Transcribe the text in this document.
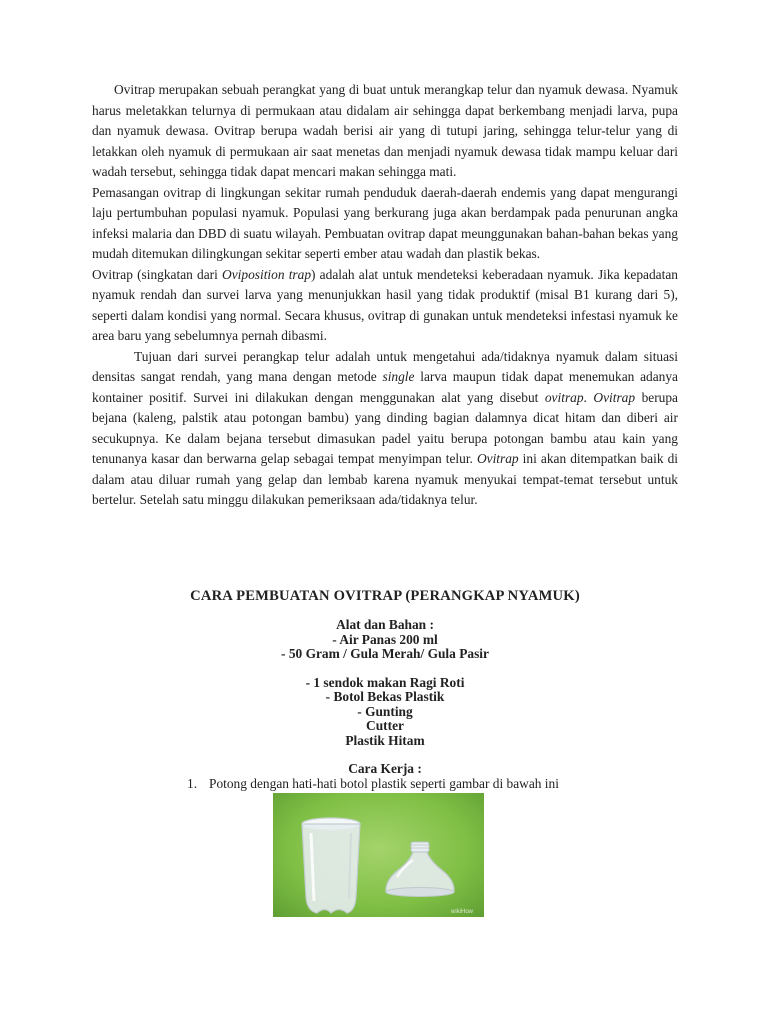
Ovitrap merupakan sebuah perangkat yang di buat untuk merangkap telur dan nyamuk dewasa. Nyamuk harus meletakkan telurnya di permukaan atau didalam air sehingga dapat berkembang menjadi larva, pupa dan nyamuk dewasa. Ovitrap berupa wadah berisi air yang di tutupi jaring, sehingga telur-telur yang di letakkan oleh nyamuk di permukaan air saat menetas dan menjadi nyamuk dewasa tidak mampu keluar dari wadah tersebut, sehingga tidak dapat mencari makan sehingga mati.

Pemasangan ovitrap di lingkungan sekitar rumah penduduk daerah-daerah endemis yang dapat mengurangi laju pertumbuhan populasi nyamuk. Populasi yang berkurang juga akan berdampak pada penurunan angka infeksi malaria dan DBD di suatu wilayah. Pembuatan ovitrap dapat meunggunakan bahan-bahan bekas yang mudah ditemukan dilingkungan sekitar seperti ember atau wadah dan plastik bekas.

Ovitrap (singkatan dari Oviposition trap) adalah alat untuk mendeteksi keberadaan nyamuk. Jika kepadatan nyamuk rendah dan survei larva yang menunjukkan hasil yang tidak produktif (misal B1 kurang dari 5), seperti dalam kondisi yang normal. Secara khusus, ovitrap di gunakan untuk mendeteksi infestasi nyamuk ke area baru yang sebelumnya pernah dibasmi.

Tujuan dari survei perangkap telur adalah untuk mengetahui ada/tidaknya nyamuk dalam situasi densitas sangat rendah, yang mana dengan metode single larva maupun tidak dapat menemukan adanya kontainer positif. Survei ini dilakukan dengan menggunakan alat yang disebut ovitrap. Ovitrap berupa bejana (kaleng, palstik atau potongan bambu) yang dinding bagian dalamnya dicat hitam dan diberi air secukupnya. Ke dalam bejana tersebut dimasukan padel yaitu berupa potongan bambu atau kain yang tenunanya kasar dan berwarna gelap sebagai tempat menyimpan telur. Ovitrap ini akan ditempatkan baik di dalam atau diluar rumah yang gelap dan lembab karena nyamuk menyukai tempat-temat tersebut untuk bertelur. Setelah satu minggu dilakukan pemeriksaan ada/tidaknya telur.

CARA PEMBUATAN OVITRAP (PERANGKAP NYAMUK)
Alat dan Bahan :
- Air Panas 200 ml
- 50 Gram / Gula Merah/ Gula Pasir
- 1 sendok makan Ragi Roti
- Botol Bekas Plastik
- Gunting
Cutter
Plastik Hitam
Cara Kerja :
1. Potong dengan hati-hati botol plastik seperti gambar di bawah ini
wikiHow
